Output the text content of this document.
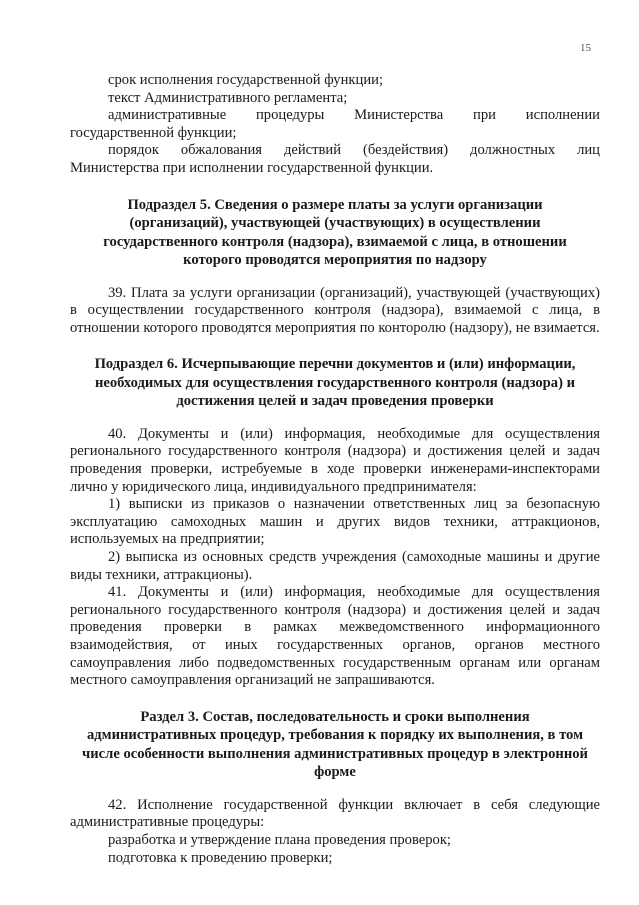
15

срок исполнения государственной функции;

текст Административного регламента;

административные процедуры Министерства при исполнении государственной функции;

порядок обжалования действий (бездействия) должностных лиц Министерства при исполнении государственной функции.

Подраздел 5. Сведения о размере платы за услуги организации
(организаций), участвующей (участвующих) в осуществлении
государственного контроля (надзора), взимаемой с лица, в отношении
которого проводятся мероприятия по надзору

39. Плата за услуги организации (организаций), участвующей (участвующих) в осуществлении государственного контроля (надзора), взимаемой с лица, в отношении которого проводятся мероприятия по конторолю (надзору), не взимается.

Подраздел 6. Исчерпывающие перечни документов и (или) информации,
необходимых для осуществления государственного контроля (надзора) и
достижения целей и задач проведения проверки

40. Документы и (или) информация, необходимые для осуществления регионального государственного контроля (надзора) и достижения целей и задач проведения проверки, истребуемые в ходе проверки инженерами-инспекторами лично у юридического лица, индивидуального предпринимателя:

1) выписки из приказов о назначении ответственных лиц за безопасную эксплуатацию самоходных машин и других видов техники, аттракционов, используемых на предприятии;

2) выписка из основных средств учреждения (самоходные машины и другие виды техники, аттракционы).

41. Документы и (или) информация, необходимые для осуществления регионального государственного контроля (надзора) и достижения целей и задач проведения проверки в рамках межведомственного информационного взаимодействия, от иных государственных органов, органов местного самоуправления либо подведомственных государственным органам или органам местного самоуправления организаций не запрашиваются.

Раздел 3. Состав, последовательность и сроки выполнения
административных процедур, требования к порядку их выполнения, в том
числе особенности выполнения административных процедур в электронной
форме

42. Исполнение государственной функции включает в себя следующие административные процедуры:

разработка и утверждение плана проведения проверок;

подготовка к проведению проверки;
